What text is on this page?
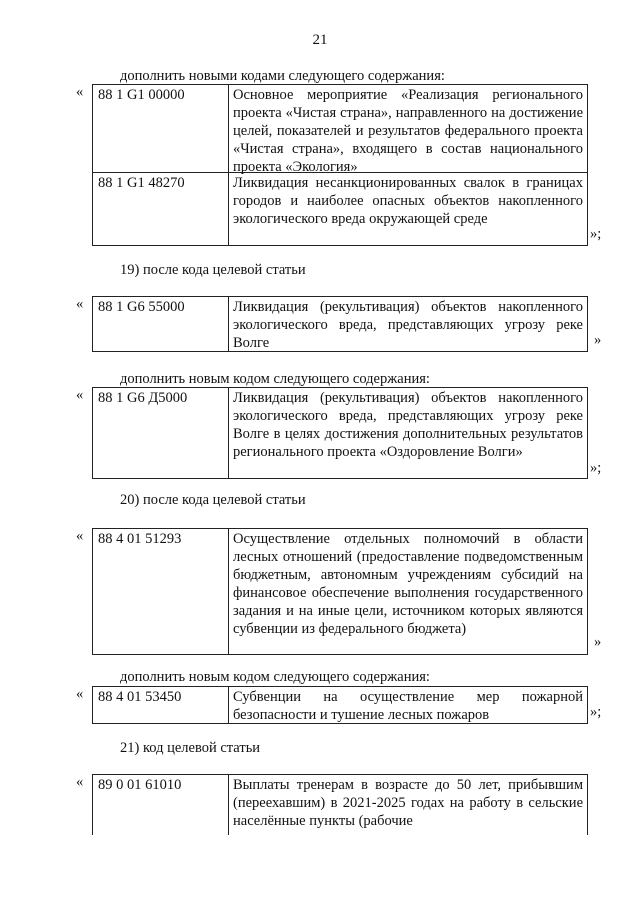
21
дополнить новыми кодами следующего содержания:
«	88 1 G1 00000	Основное мероприятие «Реализация регионального проекта «Чистая страна», направленного на достижение целей, показателей и результатов федерального проекта «Чистая страна», входящего в состав национального проекта «Экология»
88 1 G1 48270	Ликвидация несанкционированных свалок в границах городов и наиболее опасных объектов накопленного экологического вреда окружающей среде
»;
19) после кода целевой статьи
«	88 1 G6 55000	Ликвидация (рекультивация) объектов накопленного экологического вреда, представляющих угрозу реке Волге	»
дополнить новым кодом следующего содержания:
«	88 1 G6 Д5000	Ликвидация (рекультивация) объектов накопленного экологического вреда, представляющих угрозу реке Волге в целях достижения дополнительных результатов регионального проекта «Оздоровление Волги»
»;
20) после кода целевой статьи
«	88 4 01 51293	Осуществление отдельных полномочий в области лесных отношений (предоставление подведомственным бюджетным, автономным учреждениям субсидий на финансовое обеспечение выполнения государственного задания и на иные цели, источником которых являются субвенции из федерального бюджета)
»
дополнить новым кодом следующего содержания:
«	88 4 01 53450	Субвенции на осуществление мер пожарной безопасности и тушение лесных пожаров	»;
21) код целевой статьи
«	89 0 01 61010	Выплаты тренерам в возрасте до 50 лет, прибывшим (переехавшим) в 2021-2025 годах на работу в сельские населённые пункты (рабочие
